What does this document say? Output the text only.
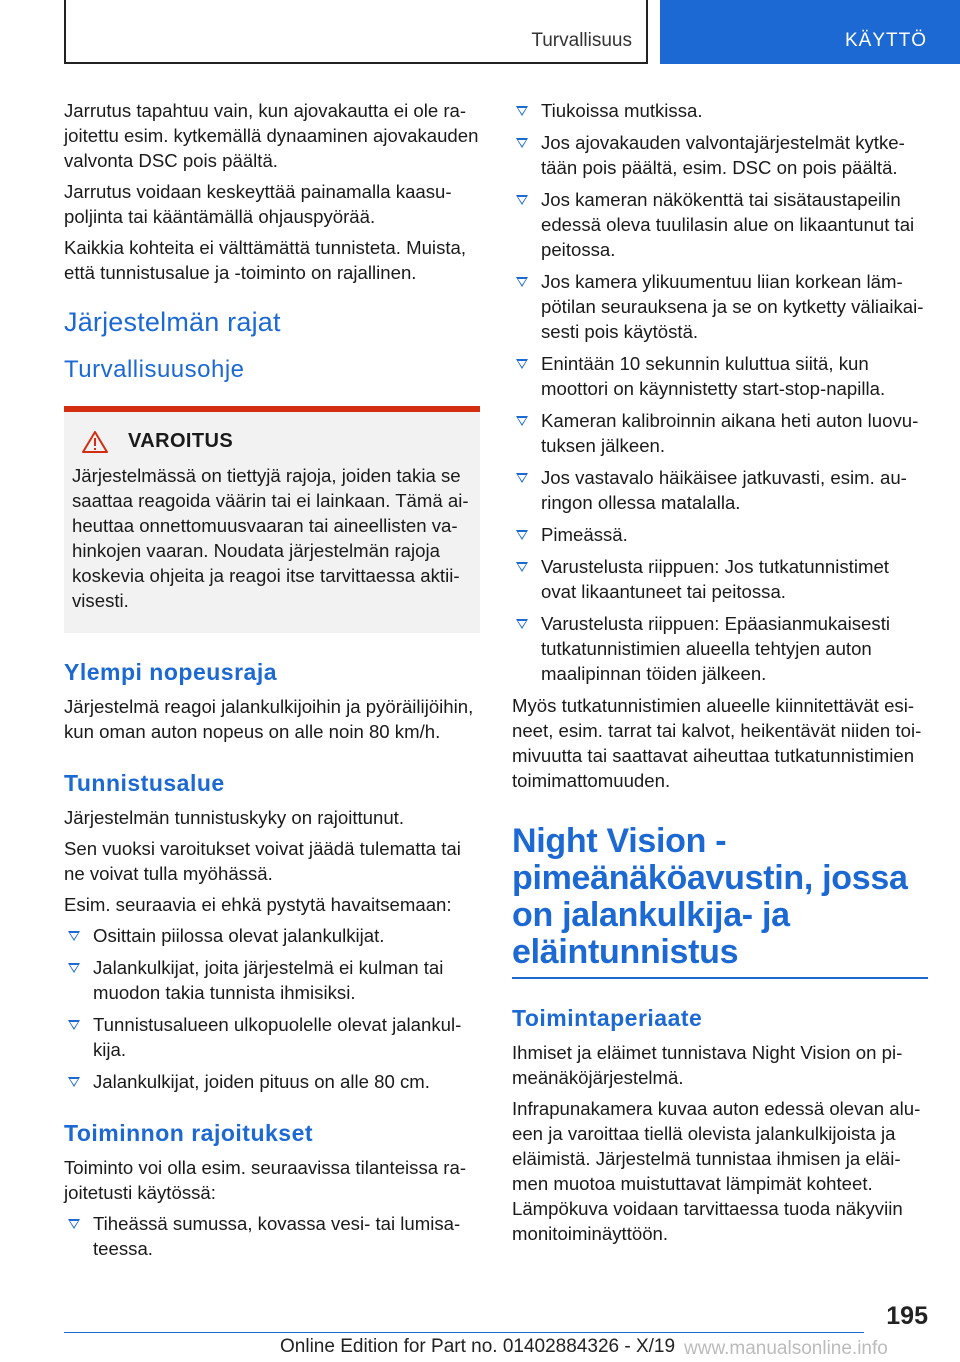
Turvallisuus	KÄYTTÖ

Jarrutus tapahtuu vain, kun ajovakautta ei ole rajoitettu esim. kytkemällä dynaaminen ajovakauden valvonta DSC pois päältä.

Jarrutus voidaan keskeyttää painamalla kaasupoljinta tai kääntämällä ohjauspyörää.

Kaikkia kohteita ei välttämättä tunnisteta. Muista, että tunnistusalue ja -toiminto on rajallinen.

Järjestelmän rajat
Turvallisuusohje
VAROITUS

Järjestelmässä on tiettyjä rajoja, joiden takia se saattaa reagoida väärin tai ei lainkaan. Tämä aiheuttaa onnettomuusvaaran tai aineellisten vahinkojen vaaran. Noudata järjestelmän rajoja koskevia ohjeita ja reagoi itse tarvittaessa aktiivisesti.

Ylempi nopeusraja

Järjestelmä reagoi jalankulkijoihin ja pyöräilijöihin, kun oman auton nopeus on alle noin 80 km/h.

Tunnistusalue

Järjestelmän tunnistuskyky on rajoittunut.

Sen vuoksi varoitukset voivat jäädä tulematta tai ne voivat tulla myöhässä.

Esim. seuraavia ei ehkä pystytä havaitsemaan:

Osittain piilossa olevat jalankulkijat.
Jalankulkijat, joita järjestelmä ei kulman tai muodon takia tunnista ihmisiksi.
Tunnistusalueen ulkopuolelle olevat jalankulkija.
Jalankulkijat, joiden pituus on alle 80 cm.
Toiminnon rajoitukset

Toiminto voi olla esim. seuraavissa tilanteissa rajoitetusti käytössä:

Tiheässä sumussa, kovassa vesi- tai lumisateessa.
Tiukoissa mutkissa.
Jos ajovakauden valvontajärjestelmät kytketään pois päältä, esim. DSC on pois päältä.
Jos kameran näkökenttä tai sisätaustapeilin edessä oleva tuulilasin alue on likaantunut tai peitossa.
Jos kamera ylikuumentuu liian korkean lämpötilan seurauksena ja se on kytketty väliaikaisesti pois käytöstä.
Enintään 10 sekunnin kuluttua siitä, kun moottori on käynnistetty start-stop-napilla.
Kameran kalibroinnin aikana heti auton luovutuksen jälkeen.
Jos vastavalo häikäisee jatkuvasti, esim. auringon ollessa matalalla.
Pimeässä.
Varustelusta riippuen: Jos tutkatunnistimet ovat likaantuneet tai peitossa.
Varustelusta riippuen: Epäasianmukaisesti tutkatunnistimien alueella tehtyjen auton maalipinnan töiden jälkeen.

Myös tutkatunnistimien alueelle kiinnitettävät esineet, esim. tarrat tai kalvot, heikentävät niiden toimivuutta tai saattavat aiheuttaa tutkatunnistimien toimimattomuuden.

Night Vision -pimeänäköavustin, jossa on jalankulkija- ja eläintunnistus
Toimintaperiaate

Ihmiset ja eläimet tunnistava Night Vision on pimeänäköjärjestelmä.

Infrapunakamera kuvaa auton edessä olevan alueen ja varoittaa tiellä olevista jalankulkijoista ja eläimistä. Järjestelmä tunnistaa ihmisen ja eläimen muotoa muistuttavat lämpimät kohteet. Lämpökuva voidaan tarvittaessa tuoda näkyviin monitoiminäyttöön.

195
Online Edition for Part no. 01402884326 - X/19 www.manualsonline.info
